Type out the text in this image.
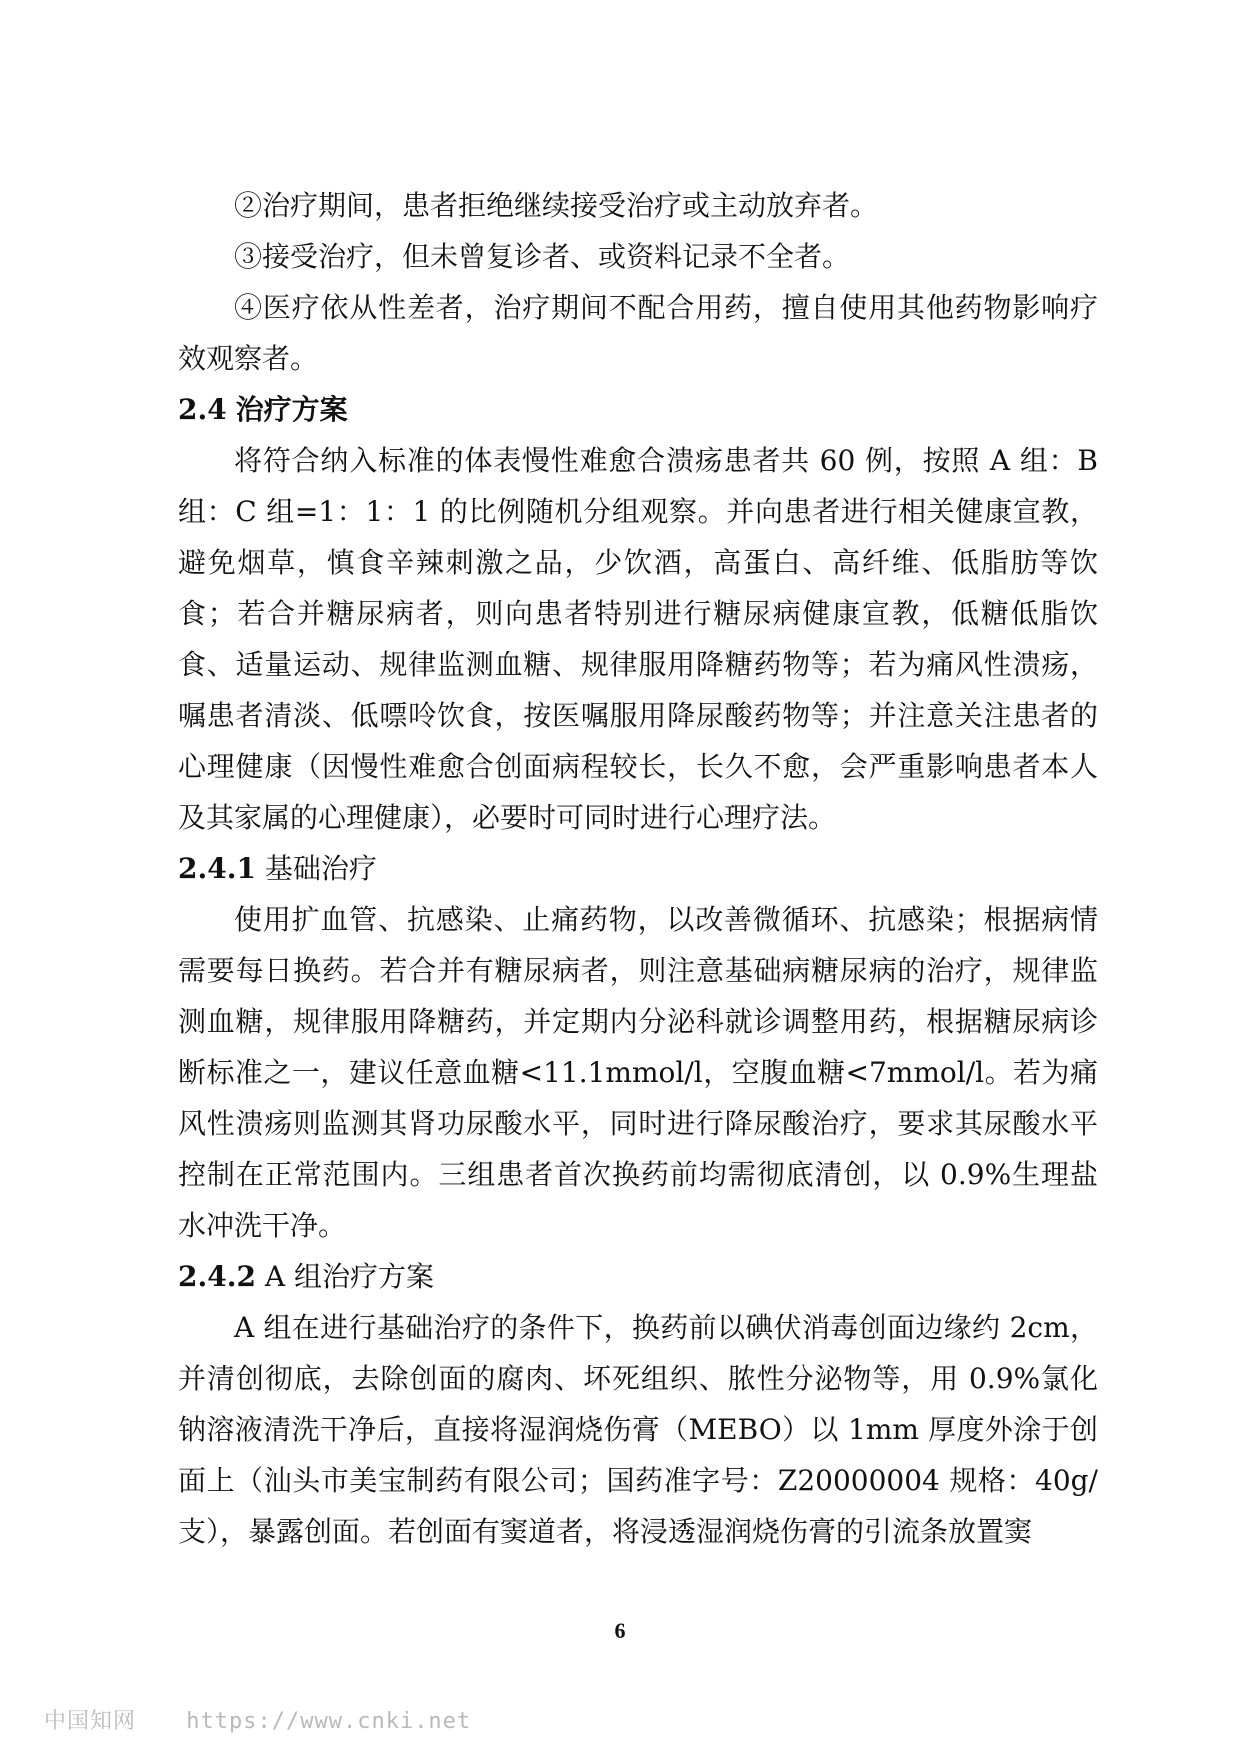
②治疗期间，患者拒绝继续接受治疗或主动放弃者。

③接受治疗，但未曾复诊者、或资料记录不全者。

④医疗依从性差者，治疗期间不配合用药，擅自使用其他药物影响疗效观察者。

2.4 治疗方案

将符合纳入标准的体表慢性难愈合溃疡患者共 60 例，按照 A 组：B 组：C 组=1：1：1 的比例随机分组观察。并向患者进行相关健康宣教，避免烟草，慎食辛辣刺激之品，少饮酒，高蛋白、高纤维、低脂肪等饮食；若合并糖尿病者，则向患者特别进行糖尿病健康宣教，低糖低脂饮食、适量运动、规律监测血糖、规律服用降糖药物等；若为痛风性溃疡，嘱患者清淡、低嘌呤饮食，按医嘱服用降尿酸药物等；并注意关注患者的心理健康（因慢性难愈合创面病程较长，长久不愈，会严重影响患者本人及其家属的心理健康），必要时可同时进行心理疗法。

2.4.1 基础治疗

使用扩血管、抗感染、止痛药物，以改善微循环、抗感染；根据病情需要每日换药。若合并有糖尿病者，则注意基础病糖尿病的治疗，规律监测血糖，规律服用降糖药，并定期内分泌科就诊调整用药，根据糖尿病诊断标准之一，建议任意血糖<11.1mmol/l，空腹血糖<7mmol/l。若为痛风性溃疡则监测其肾功尿酸水平，同时进行降尿酸治疗，要求其尿酸水平控制在正常范围内。三组患者首次换药前均需彻底清创，以 0.9%生理盐水冲洗干净。

2.4.2 A 组治疗方案

A 组在进行基础治疗的条件下，换药前以碘伏消毒创面边缘约 2cm，并清创彻底，去除创面的腐肉、坏死组织、脓性分泌物等，用 0.9%氯化钠溶液清洗干净后，直接将湿润烧伤膏（MEBO）以 1mm 厚度外涂于创面上（汕头市美宝制药有限公司；国药准字号：Z20000004 规格：40g/支），暴露创面。若创面有窦道者，将浸透湿润烧伤膏的引流条放置窦

6
中国知网 https://www.cnki.net
